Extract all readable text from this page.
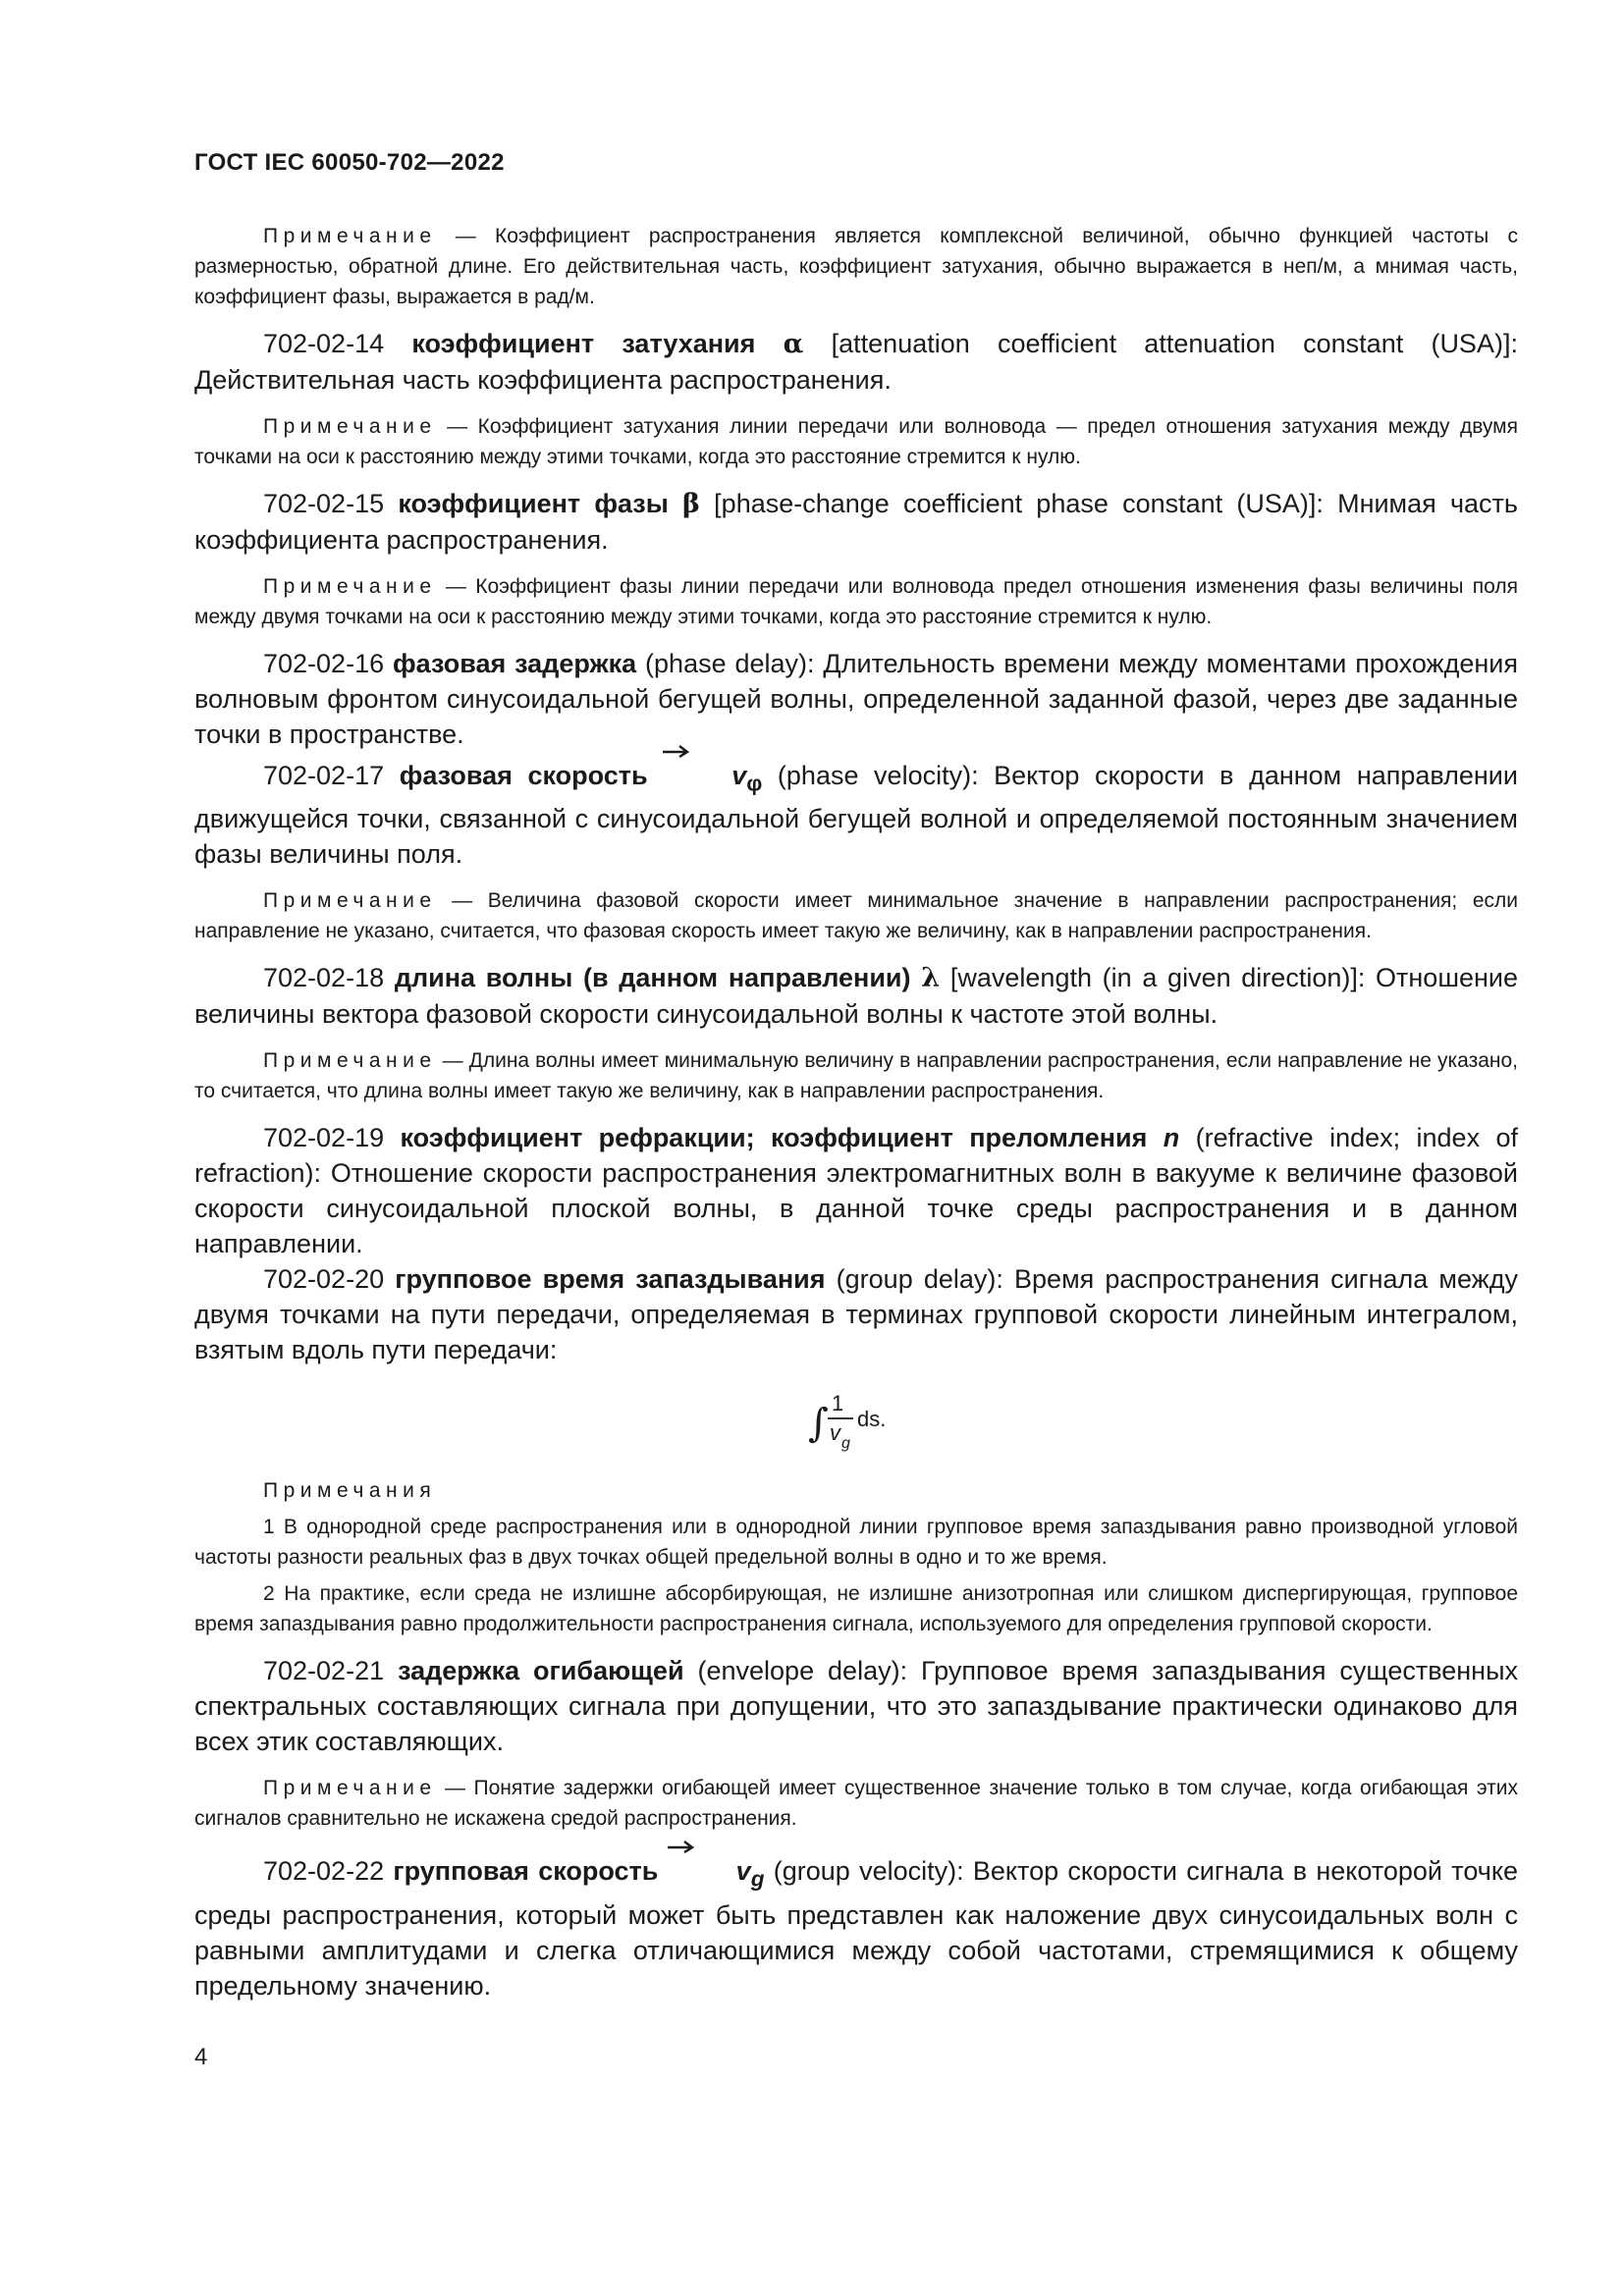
ГОСТ IEC 60050-702—2022

Примечание — Коэффициент распространения является комплексной величиной, обычно функцией частоты с размерностью, обратной длине. Его действительная часть, коэффициент затухания, обычно выражается в неп/м, а мнимая часть, коэффициент фазы, выражается в рад/м.

702-02-14 коэффициент затухания α [attenuation coefficient attenuation constant (USA)]: Действительная часть коэффициента распространения.

Примечание — Коэффициент затухания линии передачи или волновода — предел отношения затухания между двумя точками на оси к расстоянию между этими точками, когда это расстояние стремится к нулю.

702-02-15 коэффициент фазы β [phase-change coefficient phase constant (USA)]: Мнимая часть коэффициента распространения.

Примечание — Коэффициент фазы линии передачи или волновода предел отношения изменения фазы величины поля между двумя точками на оси к расстоянию между этими точками, когда это расстояние стремится к нулю.

702-02-16 фазовая задержка (phase delay): Длительность времени между моментами прохождения волновым фронтом синусоидальной бегущей волны, определенной заданной фазой, через две заданные точки в пространстве.

702-02-17 фазовая скорость	$v_\varphi$ (phase velocity): Вектор скорости в данном направлении движущейся точки, связанной с синусоидальной бегущей волной и определяемой постоянным значением фазы величины поля.

Примечание — Величина фазовой скорости имеет минимальное значение в направлении распространения; если направление не указано, считается, что фазовая скорость имеет такую же величину, как в направлении распространения.

702-02-18 длина волны (в данном направлении) λ [wavelength (in a given direction)]: Отношение величины вектора фазовой скорости синусоидальной волны к частоте этой волны.

Примечание — Длина волны имеет минимальную величину в направлении распространения, если направление не указано, то считается, что длина волны имеет такую же величину, как в направлении распространения.

702-02-19 коэффициент рефракции; коэффициент преломления n (refractive index; index of refraction): Отношение скорости распространения электромагнитных волн в вакууме к величине фазовой скорости синусоидальной плоской волны, в данной точке среды распространения и в данном направлении.

702-02-20 групповое время запаздывания (group delay): Время распространения сигнала между двумя точками на пути передачи, определяемая в терминах групповой скорости линейным интегралом, взятым вдоль пути передачи:

∫ 1
v g
ds.

Примечания

1 В однородной среде распространения или в однородной линии групповое время запаздывания равно производной угловой частоты разности реальных фаз в двух точках общей предельной волны в одно и то же время.

2 На практике, если среда не излишне абсорбирующая, не излишне анизотропная или слишком диспергирующая, групповое время запаздывания равно продолжительности распространения сигнала, используемого для определения групповой скорости.

702-02-21 задержка огибающей (envelope delay): Групповое время запаздывания существенных спектральных составляющих сигнала при допущении, что это запаздывание практически одинаково для всех этик составляющих.

Примечание — Понятие задержки огибающей имеет существенное значение только в том случае, когда огибающая этих сигналов сравнительно не искажена средой распространения.

702-02-22 групповая скорость	$v_g$ (group velocity): Вектор скорости сигнала в некоторой точке среды распространения, который может быть представлен как наложение двух синусоидальных волн с равными амплитудами и слегка отличающимися между собой частотами, стремящимися к общему предельному значению.

4
